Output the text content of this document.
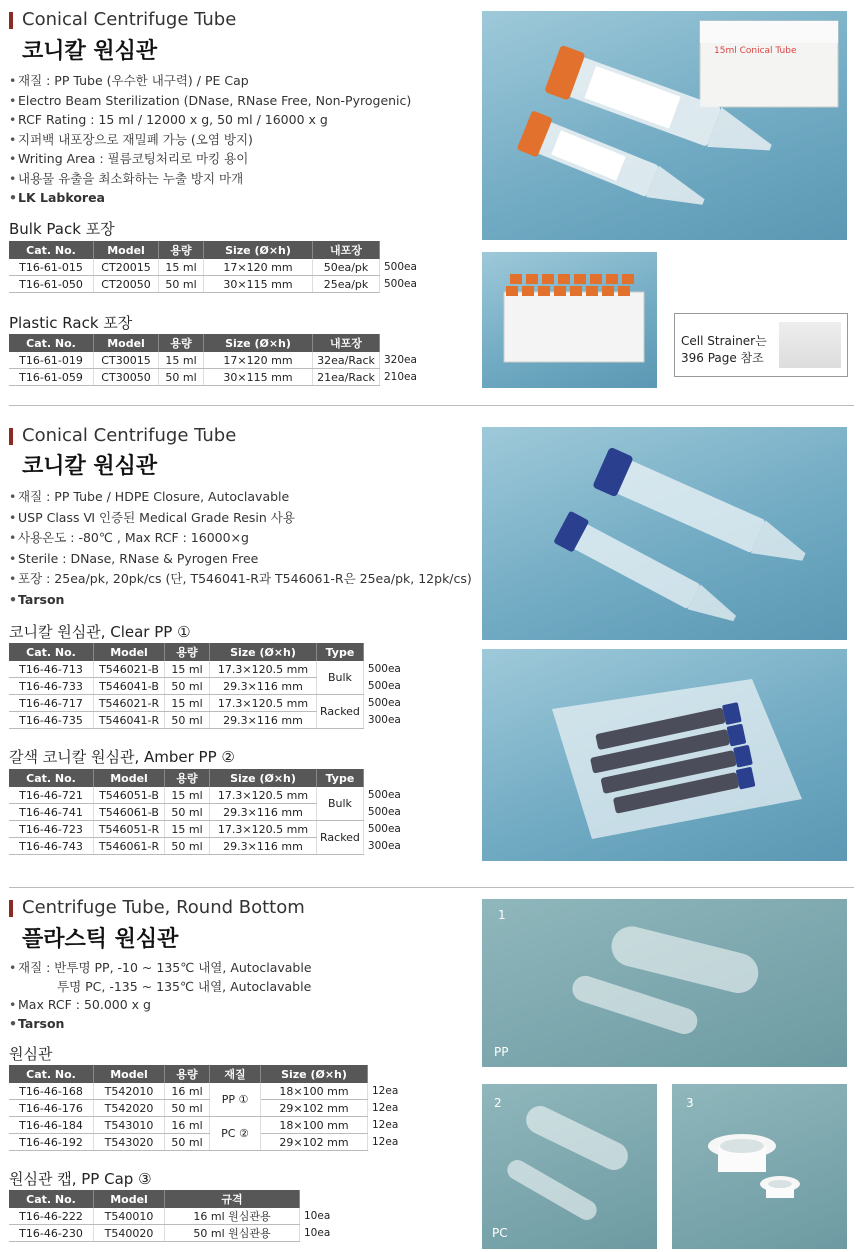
Conical Centrifuge Tube
코니칼 원심관
• 재질 : PP Tube (우수한 내구력) / PE Cap
• Electro Beam Sterilization (DNase, RNase Free, Non-Pyrogenic)
• RCF Rating : 15 ml / 12000 x g, 50 ml / 16000 x g
• 지퍼백 내포장으로 재밀폐 가능 (오염 방지)
• Writing Area : 필름코팅처리로 마킹 용이
• 내용물 유출을 최소화하는 누출 방지 마개
• LK Labkorea
Bulk Pack 포장
Cat. No.	Model	용량	Size (Ø×h)	내포장	
T16-61-015	CT20015	15 ml	17×120 mm	50ea/pk	500ea
T16-61-050	CT20050	50 ml	30×115 mm	25ea/pk	500ea
Plastic Rack 포장
Cat. No.	Model	용량	Size (Ø×h)	내포장	
T16-61-019	CT30015	15 ml	17×120 mm	32ea/Rack	320ea
T16-61-059	CT30050	50 ml	30×115 mm	21ea/Rack	210ea
15ml Conical Tube
Cell Strainer는
396 Page 참조
Conical Centrifuge Tube
코니칼 원심관
• 재질 : PP Tube / HDPE Closure, Autoclavable
• USP Class Ⅵ 인증된 Medical Grade Resin 사용
• 사용온도 : -80℃ , Max RCF : 16000×g
• Sterile : DNase, RNase & Pyrogen Free
• 포장 : 25ea/pk, 20pk/cs (단, T546041-R과 T546061-R은 25ea/pk, 12pk/cs)
• Tarson
코니칼 원심관, Clear PP ①
Cat. No.	Model	용량	Size (Ø×h)	Type	
T16-46-713	T546021-B	15 ml	17.3×120.5 mm	Bulk	500ea
T16-46-733	T546041-B	50 ml	29.3×116 mm		500ea
T16-46-717	T546021-R	15 ml	17.3×120.5 mm	Racked	500ea
T16-46-735	T546041-R	50 ml	29.3×116 mm		300ea
갈색 코니칼 원심관, Amber PP ②
Cat. No.	Model	용량	Size (Ø×h)	Type	
T16-46-721	T546051-B	15 ml	17.3×120.5 mm	Bulk	500ea
T16-46-741	T546061-B	50 ml	29.3×116 mm		500ea
T16-46-723	T546051-R	15 ml	17.3×120.5 mm	Racked	500ea
T16-46-743	T546061-R	50 ml	29.3×116 mm		300ea
Centrifuge Tube, Round Bottom
플라스틱 원심관
• 재질 : 반투명 PP, -10 ~ 135℃ 내열, Autoclavable
투명 PC, -135 ~ 135℃ 내열, Autoclavable
• Max RCF : 50.000 x g
• Tarson
원심관
Cat. No.	Model	용량	재질	Size (Ø×h)	
T16-46-168	T542010	16 ml	PP ①	18×100 mm	12ea
T16-46-176	T542020	50 ml		29×102 mm	12ea
T16-46-184	T543010	16 ml	PC ②	18×100 mm	12ea
T16-46-192	T543020	50 ml		29×102 mm	12ea
원심관 캡, PP Cap ③
Cat. No.	Model	규격	
T16-46-222	T540010	16 ml 원심관용	10ea
T16-46-230	T540020	50 ml 원심관용	10ea
1
PP
2
PC
3
